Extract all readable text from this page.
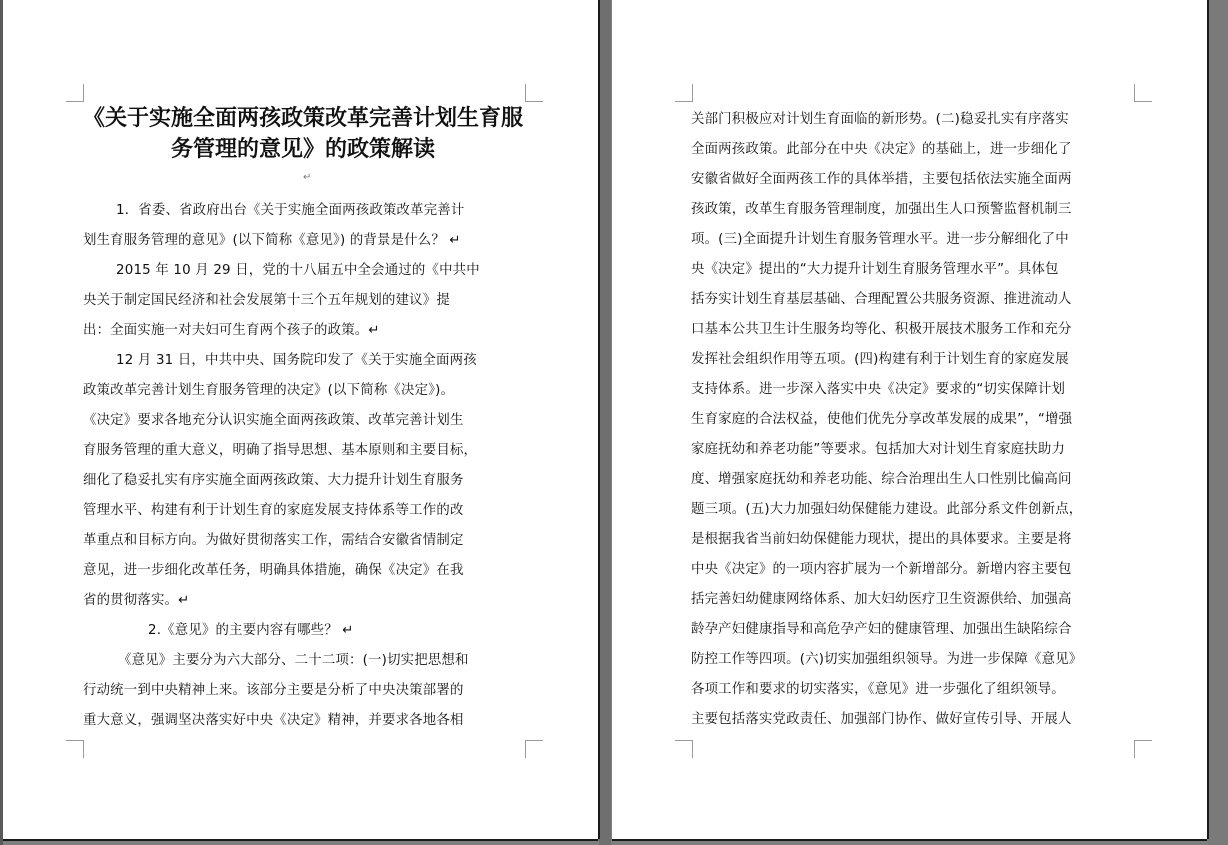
《关于实施全面两孩政策改革完善计划生育服
务管理的意见》的政策解读
↵
1．省委、省政府出台《关于实施全面两孩政策改革完善计
划生育服务管理的意见》(以下简称《意见》) 的背景是什么？ ↵
2015 年 10 月 29 日，党的十八届五中全会通过的《中共中
央关于制定国民经济和社会发展第十三个五年规划的建议》提
出：全面实施一对夫妇可生育两个孩子的政策。↵
12 月 31 日，中共中央、国务院印发了《关于实施全面两孩
政策改革完善计划生育服务管理的决定》(以下简称《决定》)。
《决定》要求各地充分认识实施全面两孩政策、改革完善计划生
育服务管理的重大意义，明确了指导思想、基本原则和主要目标，
细化了稳妥扎实有序实施全面两孩政策、大力提升计划生育服务
管理水平、构建有利于计划生育的家庭发展支持体系等工作的改
革重点和目标方向。为做好贯彻落实工作，需结合安徽省情制定
意见，进一步细化改革任务，明确具体措施，确保《决定》在我
省的贯彻落实。↵
2.《意见》的主要内容有哪些？ ↵
《意见》主要分为六大部分、二十二项：(一)切实把思想和
行动统一到中央精神上来。该部分主要是分析了中央决策部署的
重大意义，强调坚决落实好中央《决定》精神，并要求各地各相
关部门积极应对计划生育面临的新形势。(二)稳妥扎实有序落实
全面两孩政策。此部分在中央《决定》的基础上，进一步细化了
安徽省做好全面两孩工作的具体举措，主要包括依法实施全面两
孩政策，改革生育服务管理制度，加强出生人口预警监督机制三
项。(三)全面提升计划生育服务管理水平。进一步分解细化了中
央《决定》提出的“大力提升计划生育服务管理水平”。具体包
括夯实计划生育基层基础、合理配置公共服务资源、推进流动人
口基本公共卫生计生服务均等化、积极开展技术服务工作和充分
发挥社会组织作用等五项。(四)构建有利于计划生育的家庭发展
支持体系。进一步深入落实中央《决定》要求的“切实保障计划
生育家庭的合法权益，使他们优先分享改革发展的成果”，“增强
家庭抚幼和养老功能”等要求。包括加大对计划生育家庭扶助力
度、增强家庭抚幼和养老功能、综合治理出生人口性别比偏高问
题三项。(五)大力加强妇幼保健能力建设。此部分系文件创新点，
是根据我省当前妇幼保健能力现状，提出的具体要求。主要是将
中央《决定》的一项内容扩展为一个新增部分。新增内容主要包
括完善妇幼健康网络体系、加大妇幼医疗卫生资源供给、加强高
龄孕产妇健康指导和高危孕产妇的健康管理、加强出生缺陷综合
防控工作等四项。(六)切实加强组织领导。为进一步保障《意见》
各项工作和要求的切实落实，《意见》进一步强化了组织领导。
主要包括落实党政责任、加强部门协作、做好宣传引导、开展人
